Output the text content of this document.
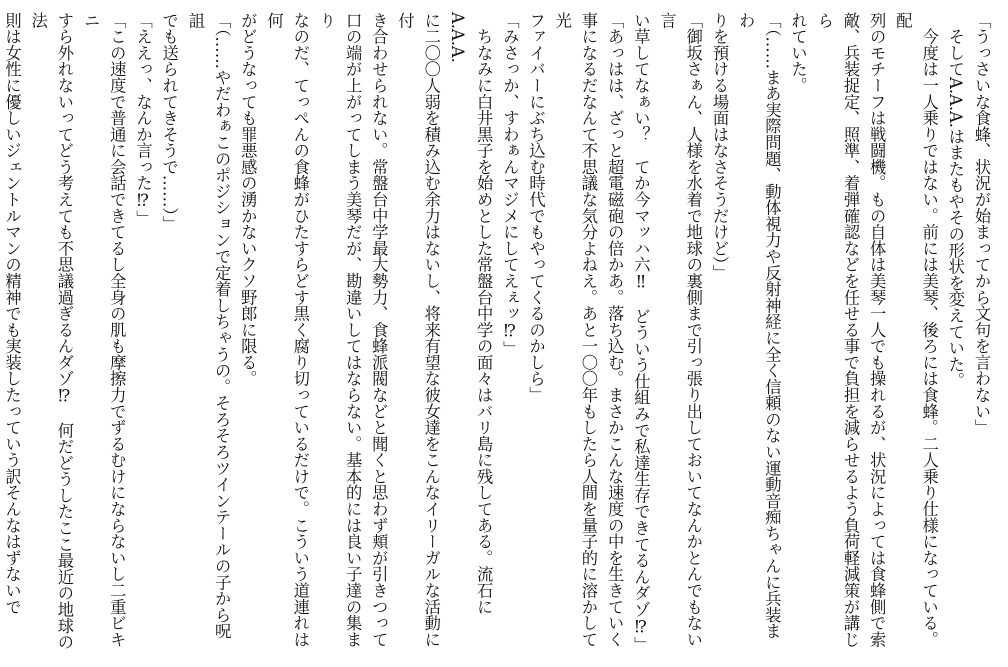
「うっさいな食蜂、状況が始まってから文句を言わない」

　そしてA.A.A.はまたもやその形状を変えていた。

　今度は一人乗りではない。前には美琴、後ろには食蜂。二人乗り仕様になっている。配

列のモチーフは戦闘機。もの自体は美琴一人でも操れるが、状況によっては食蜂側で索

敵、兵装捉定、照準、着弾確認などを任せる事で負担を減らせるよう負荷軽減策が講じら

れていた。

「（……まあ実際問題、動体視力や反射神経に全く信頼のない運動音痴ちゃんに兵装まわ

りを預ける場面はなさそうだけど）」

「御坂さぁん、人様を水着で地球の裏側まで引っ張り出しておいてなんかとんでもない言

い草してなぁい？　てか今マッハ六‼　どういう仕組みで私達生存できてるんダゾ⁉」

「あっはは、ざっと超電磁砲の倍かあ。落ち込む。まさかこんな速度の中を生きていく

事になるだなんて不思議な気分よねえ。あと一〇〇年もしたら人間を量子的に溶かして光

ファイバーにぶち込む時代でもやってくるのかしら」

「みさっか、すわぁんマジメにしてえぇッ⁉」

　ちなみに白井黒子を始めとした常盤台中学の面々はバリ島に残してある。流石にA.A.A.

に二〇〇人弱を積み込む余力はないし、将来有望な彼女達をこんなイリーガルな活動に付

き合わせられない。常盤台中学最大勢力、食蜂派閥などと聞くと思わず頬が引きつって

口の端が上がってしまう美琴だが、勘違いしてはならない。基本的には良い子達の集まり

なのだ、てっぺんの食蜂がひたすらどす黒く腐り切っているだけで。こういう道連れは何

がどうなっても罪悪感の湧かないクソ野郎に限る。

「（……やだわぁこのポジションで定着しちゃうの。そろそろツインテールの子から呪詛

でも送られてきそうで……）」

「ええっ、なんか言った⁉」

「この速度で普通に会話できてるし全身の肌も摩擦力でずるむけにならないし二重ビキニ

すら外れないってどう考えても不思議過ぎるんダゾ⁉　何だどうしたここ最近の地球の法

則は女性に優しいジェントルマンの精神でも実装したっていう訳そんなはずないで
